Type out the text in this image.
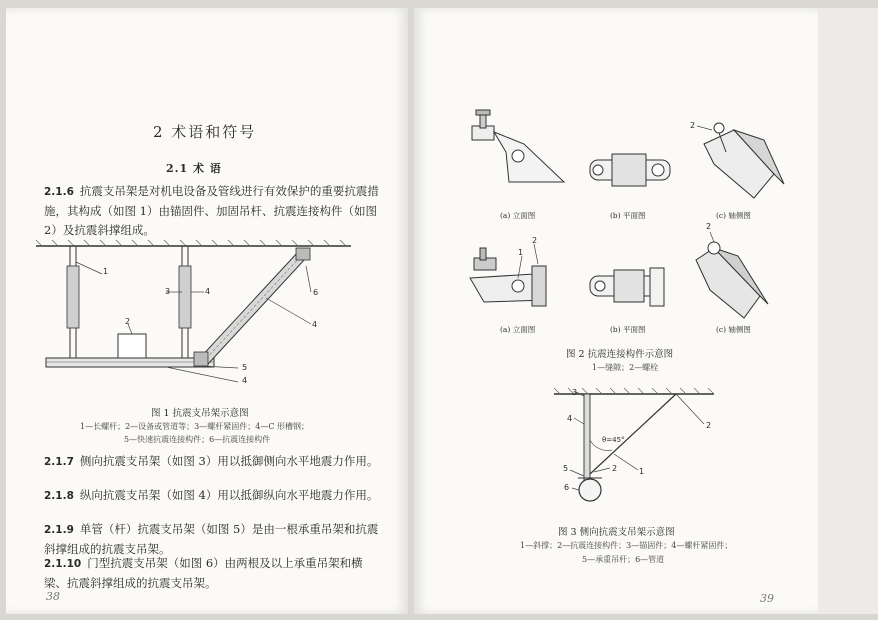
2 术语和符号
2.1 术 语
2.1.6 抗震支吊架是对机电设备及管线进行有效保护的重要抗震措施，其构成（如图 1）由锚固件、加固吊杆、抗震连接构件（如图 2）及抗震斜撑组成。
1
2
3	4
4
5
4
6
图 1 抗震支吊架示意图
1—长螺杆；2—设备或管道等；3—螺杆紧固件；4—C 形槽钢；
5—快速抗震连接构件；6—抗震连接构件
2.1.7 侧向抗震支吊架（如图 3）用以抵御侧向水平地震力作用。
2.1.8 纵向抗震支吊架（如图 4）用以抵御纵向水平地震力作用。
2.1.9 单管（杆）抗震支吊架（如图 5）是由一根承重吊架和抗震斜撑组成的抗震支吊架。
2.1.10 门型抗震支吊架（如图 6）由两根及以上承重吊架和横梁、抗震斜撑组成的抗震支吊架。
38
2
(a) 立面图	(b) 平面图	(c) 轴侧图
2
1
2
(a) 立面图	(b) 平面图	(c) 轴侧图
图 2 抗震连接构件示意图
1—缝隙；2—螺栓
θ=45°
1
2
2
3
4
5
6
图 3 侧向抗震支吊架示意图
1—斜撑；2—抗震连接构件；3—锚固件；4—螺杆紧固件；
5—承重吊杆；6—管道
39
